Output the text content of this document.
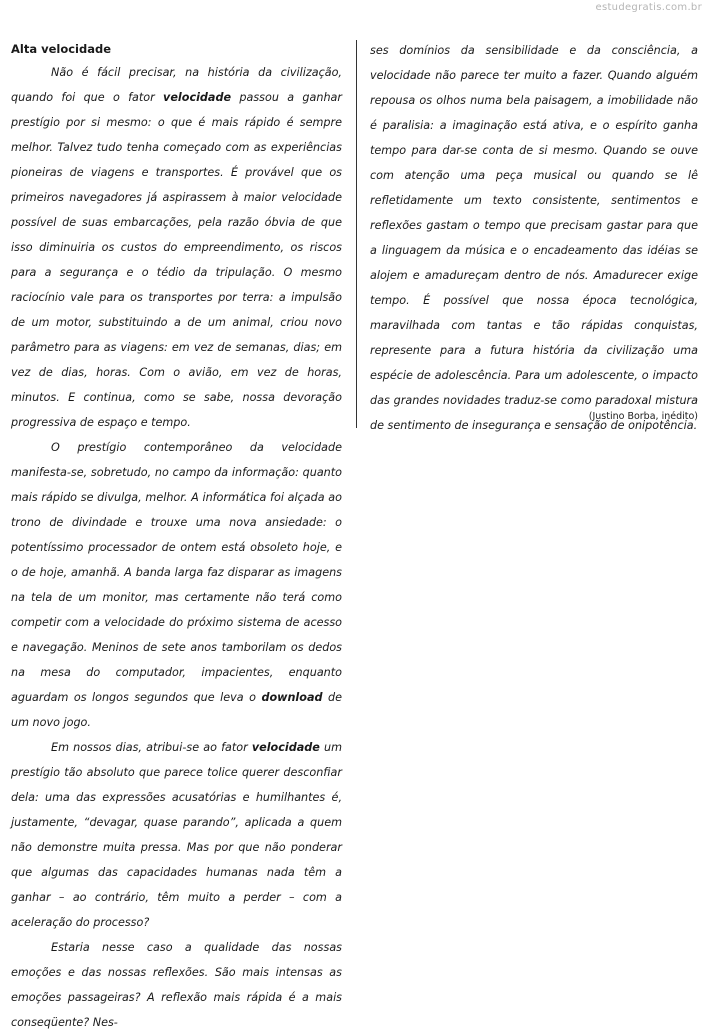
estudegratis.com.br

Alta velocidade

Não é fácil precisar, na história da civilização, quando foi que o fator velocidade passou a ganhar prestígio por si mesmo: o que é mais rápido é sempre melhor. Talvez tudo tenha começado com as experiências pioneiras de viagens e transportes. É provável que os primeiros navegadores já aspirassem à maior velocidade possível de suas embarcações, pela razão óbvia de que isso diminuiria os custos do empreendimento, os riscos para a segurança e o tédio da tripulação. O mesmo raciocínio vale para os transportes por terra: a impulsão de um motor, substituindo a de um animal, criou novo parâmetro para as viagens: em vez de semanas, dias; em vez de dias, horas. Com o avião, em vez de horas, minutos. E continua, como se sabe, nossa devoração progressiva de espaço e tempo.

O prestígio contemporâneo da velocidade manifesta-se, sobretudo, no campo da informação: quanto mais rápido se divulga, melhor. A informática foi alçada ao trono de divindade e trouxe uma nova ansiedade: o potentíssimo processador de ontem está obsoleto hoje, e o de hoje, amanhã. A banda larga faz disparar as imagens na tela de um monitor, mas certamente não terá como competir com a velocidade do próximo sistema de acesso e navegação. Meninos de sete anos tamborilam os dedos na mesa do computador, impacientes, enquanto aguardam os longos segundos que leva o download de um novo jogo.

Em nossos dias, atribui-se ao fator velocidade um prestígio tão absoluto que parece tolice querer desconfiar dela: uma das expressões acusatórias e humilhantes é, justamente, “devagar, quase parando”, aplicada a quem não demonstre muita pressa. Mas por que não ponderar que algumas das capacidades humanas nada têm a ganhar – ao contrário, têm muito a perder – com a aceleração do processo?

Estaria nesse caso a qualidade das nossas emoções e das nossas reflexões. São mais intensas as emoções passageiras? A reflexão mais rápida é a mais conseqüente? Nes-

ses domínios da sensibilidade e da consciência, a velocidade não parece ter muito a fazer. Quando alguém repousa os olhos numa bela paisagem, a imobilidade não é paralisia: a imaginação está ativa, e o espírito ganha tempo para dar-se conta de si mesmo. Quando se ouve com atenção uma peça musical ou quando se lê refletidamente um texto consistente, sentimentos e reflexões gastam o tempo que precisam gastar para que a linguagem da música e o encadeamento das idéias se alojem e amadureçam dentro de nós. Amadurecer exige tempo. É possível que nossa época tecnológica, maravilhada com tantas e tão rápidas conquistas, represente para a futura história da civilização uma espécie de adolescência. Para um adolescente, o impacto das grandes novidades traduz-se como paradoxal mistura de sentimento de insegurança e sensação de onipotência.

(Justino Borba, inédito)
